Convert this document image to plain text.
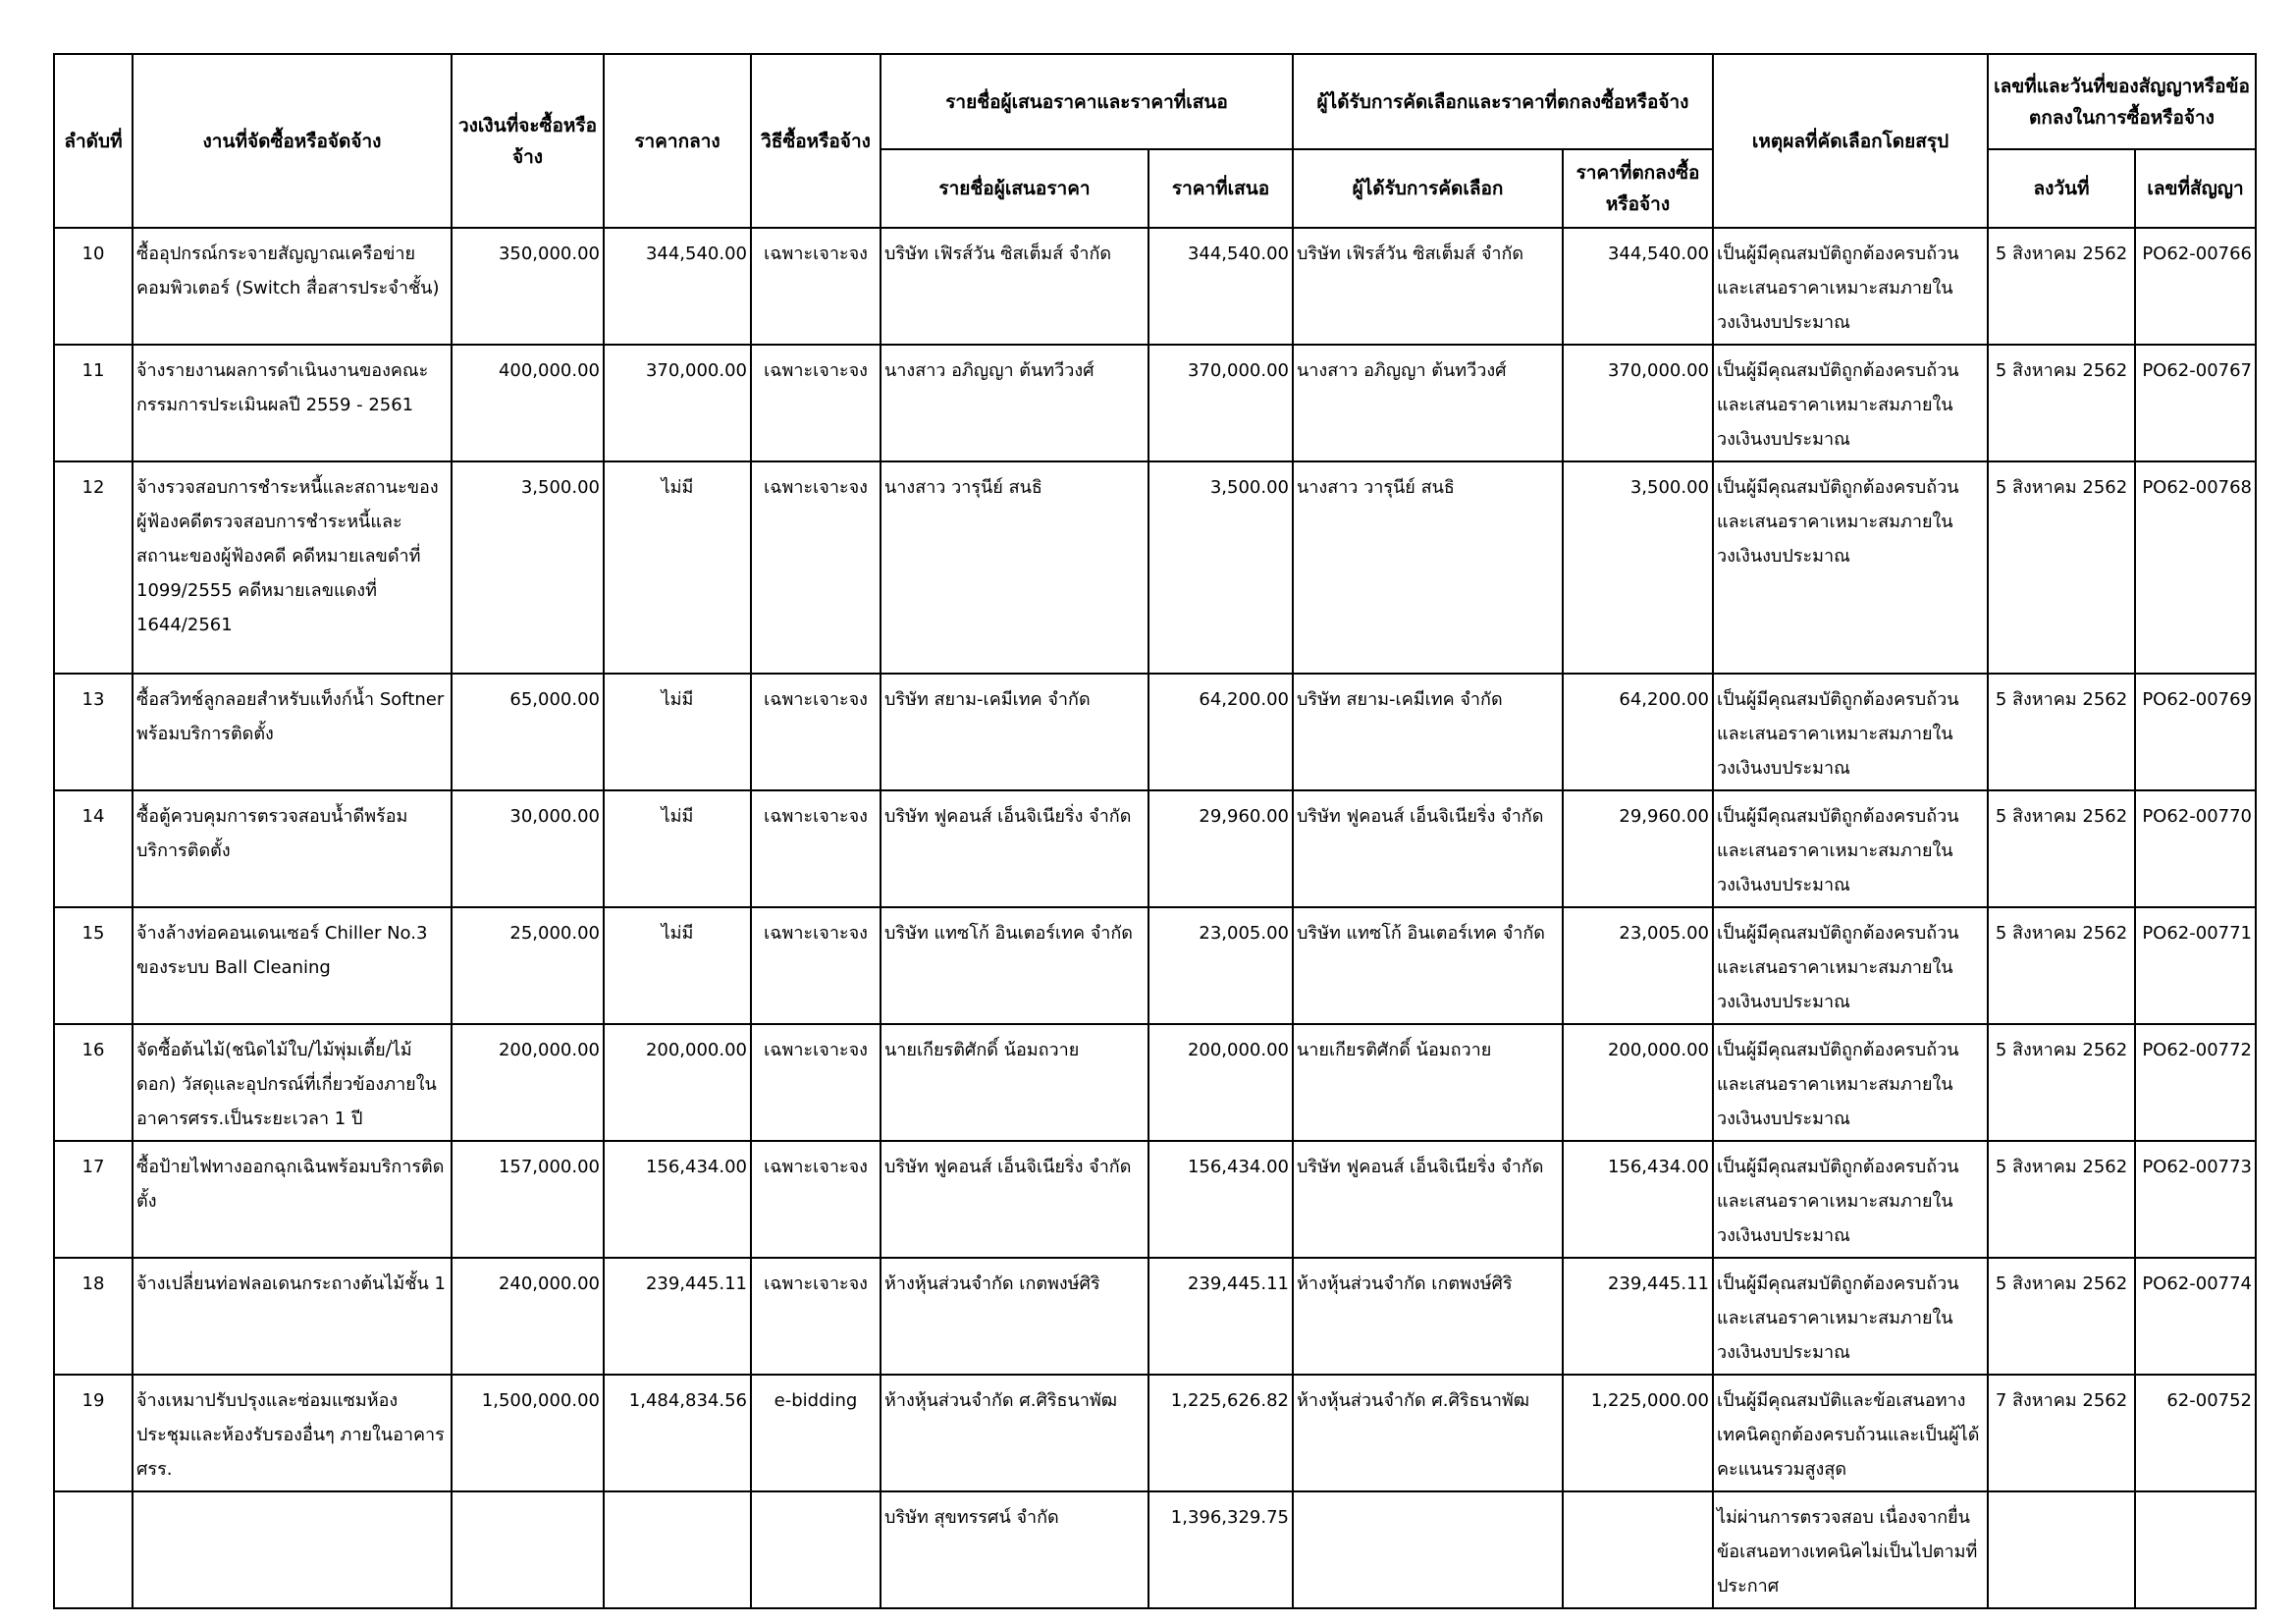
ลำดับที่	งานที่จัดซื้อหรือจัดจ้าง	วงเงินที่จะซื้อหรือจ้าง	ราคากลาง	วิธีซื้อหรือจ้าง	รายชื่อผู้เสนอราคาและราคาที่เสนอ		ผู้ได้รับการคัดเลือกและราคาที่ตกลงซื้อหรือจ้าง		เหตุผลที่คัดเลือกโดยสรุป	เลขที่และวันที่ของสัญญาหรือข้อตกลงในการซื้อหรือจ้าง	
					รายชื่อผู้เสนอราคา	ราคาที่เสนอ	ผู้ได้รับการคัดเลือก	ราคาที่ตกลงซื้อหรือจ้าง		ลงวันที่	เลขที่สัญญา
10	ซื้ออุปกรณ์กระจายสัญญาณเครือข่ายคอมพิวเตอร์ (Switch สื่อสารประจำชั้น)	350,000.00	344,540.00	เฉพาะเจาะจง	บริษัท เฟิรส์วัน ซิสเต็มส์ จำกัด	344,540.00	บริษัท เฟิรส์วัน ซิสเต็มส์ จำกัด	344,540.00	เป็นผู้มีคุณสมบัติถูกต้องครบถ้วนและเสนอราคาเหมาะสมภายในวงเงินงบประมาณ	5 สิงหาคม 2562	PO62-00766
11	จ้างรายงานผลการดำเนินงานของคณะกรรมการประเมินผลปี 2559 - 2561	400,000.00	370,000.00	เฉพาะเจาะจง	นางสาว อภิญญา ต้นทวีวงศ์	370,000.00	นางสาว อภิญญา ต้นทวีวงศ์	370,000.00	เป็นผู้มีคุณสมบัติถูกต้องครบถ้วนและเสนอราคาเหมาะสมภายในวงเงินงบประมาณ	5 สิงหาคม 2562	PO62-00767
12	จ้างรวจสอบการชำระหนี้และสถานะของผู้ฟ้องคดีตรวจสอบการชำระหนี้และสถานะของผู้ฟ้องคดี คดีหมายเลขดำที่ 1099/2555 คดีหมายเลขแดงที่ 1644/2561	3,500.00	ไม่มี	เฉพาะเจาะจง	นางสาว วารุนีย์ สนธิ	3,500.00	นางสาว วารุนีย์ สนธิ	3,500.00	เป็นผู้มีคุณสมบัติถูกต้องครบถ้วนและเสนอราคาเหมาะสมภายในวงเงินงบประมาณ	5 สิงหาคม 2562	PO62-00768
13	ซื้อสวิทช์ลูกลอยสำหรับแท็งก์น้ำ Softner พร้อมบริการติดตั้ง	65,000.00	ไม่มี	เฉพาะเจาะจง	บริษัท สยาม-เคมีเทค จำกัด	64,200.00	บริษัท สยาม-เคมีเทค จำกัด	64,200.00	เป็นผู้มีคุณสมบัติถูกต้องครบถ้วนและเสนอราคาเหมาะสมภายในวงเงินงบประมาณ	5 สิงหาคม 2562	PO62-00769
14	ซื้อตู้ควบคุมการตรวจสอบน้ำดีพร้อมบริการติดตั้ง	30,000.00	ไม่มี	เฉพาะเจาะจง	บริษัท ฟูคอนส์ เอ็นจิเนียริ่ง จำกัด	29,960.00	บริษัท ฟูคอนส์ เอ็นจิเนียริ่ง จำกัด	29,960.00	เป็นผู้มีคุณสมบัติถูกต้องครบถ้วนและเสนอราคาเหมาะสมภายในวงเงินงบประมาณ	5 สิงหาคม 2562	PO62-00770
15	จ้างล้างท่อคอนเดนเซอร์ Chiller No.3 ของระบบ Ball Cleaning	25,000.00	ไม่มี	เฉพาะเจาะจง	บริษัท แทซโก้ อินเตอร์เทค จำกัด	23,005.00	บริษัท แทซโก้ อินเตอร์เทค จำกัด	23,005.00	เป็นผู้มีคุณสมบัติถูกต้องครบถ้วนและเสนอราคาเหมาะสมภายในวงเงินงบประมาณ	5 สิงหาคม 2562	PO62-00771
16	จัดซื้อต้นไม้(ชนิดไม้ใบ/ไม้พุ่มเตี้ย/ไม้ดอก) วัสดุและอุปกรณ์ที่เกี่ยวข้องภายในอาคารศรร.เป็นระยะเวลา 1 ปี	200,000.00	200,000.00	เฉพาะเจาะจง	นายเกียรติศักดิ์ น้อมถวาย	200,000.00	นายเกียรติศักดิ์ น้อมถวาย	200,000.00	เป็นผู้มีคุณสมบัติถูกต้องครบถ้วนและเสนอราคาเหมาะสมภายในวงเงินงบประมาณ	5 สิงหาคม 2562	PO62-00772
17	ซื้อป้ายไฟทางออกฉุกเฉินพร้อมบริการติดตั้ง	157,000.00	156,434.00	เฉพาะเจาะจง	บริษัท ฟูคอนส์ เอ็นจิเนียริ่ง จำกัด	156,434.00	บริษัท ฟูคอนส์ เอ็นจิเนียริ่ง จำกัด	156,434.00	เป็นผู้มีคุณสมบัติถูกต้องครบถ้วนและเสนอราคาเหมาะสมภายในวงเงินงบประมาณ	5 สิงหาคม 2562	PO62-00773
18	จ้างเปลี่ยนท่อฟลอเดนกระถางต้นไม้ชั้น 1	240,000.00	239,445.11	เฉพาะเจาะจง	ห้างหุ้นส่วนจำกัด เกตพงษ์ศิริ	239,445.11	ห้างหุ้นส่วนจำกัด เกตพงษ์ศิริ	239,445.11	เป็นผู้มีคุณสมบัติถูกต้องครบถ้วนและเสนอราคาเหมาะสมภายในวงเงินงบประมาณ	5 สิงหาคม 2562	PO62-00774
19	จ้างเหมาปรับปรุงและซ่อมแซมห้องประชุมและห้องรับรองอื่นๆ ภายในอาคาร ศรร.	1,500,000.00	1,484,834.56	e-bidding	ห้างหุ้นส่วนจำกัด ศ.ศิริธนาพัฒ	1,225,626.82	ห้างหุ้นส่วนจำกัด ศ.ศิริธนาพัฒ	1,225,000.00	เป็นผู้มีคุณสมบัติและข้อเสนอทางเทคนิคถูกต้องครบถ้วนและเป็นผู้ได้คะแนนรวมสูงสุด	7 สิงหาคม 2562	62-00752
					บริษัท สุขทรรศน์ จำกัด	1,396,329.75			ไม่ผ่านการตรวจสอบ เนื่องจากยื่นข้อเสนอทางเทคนิคไม่เป็นไปตามที่ประกาศ		
